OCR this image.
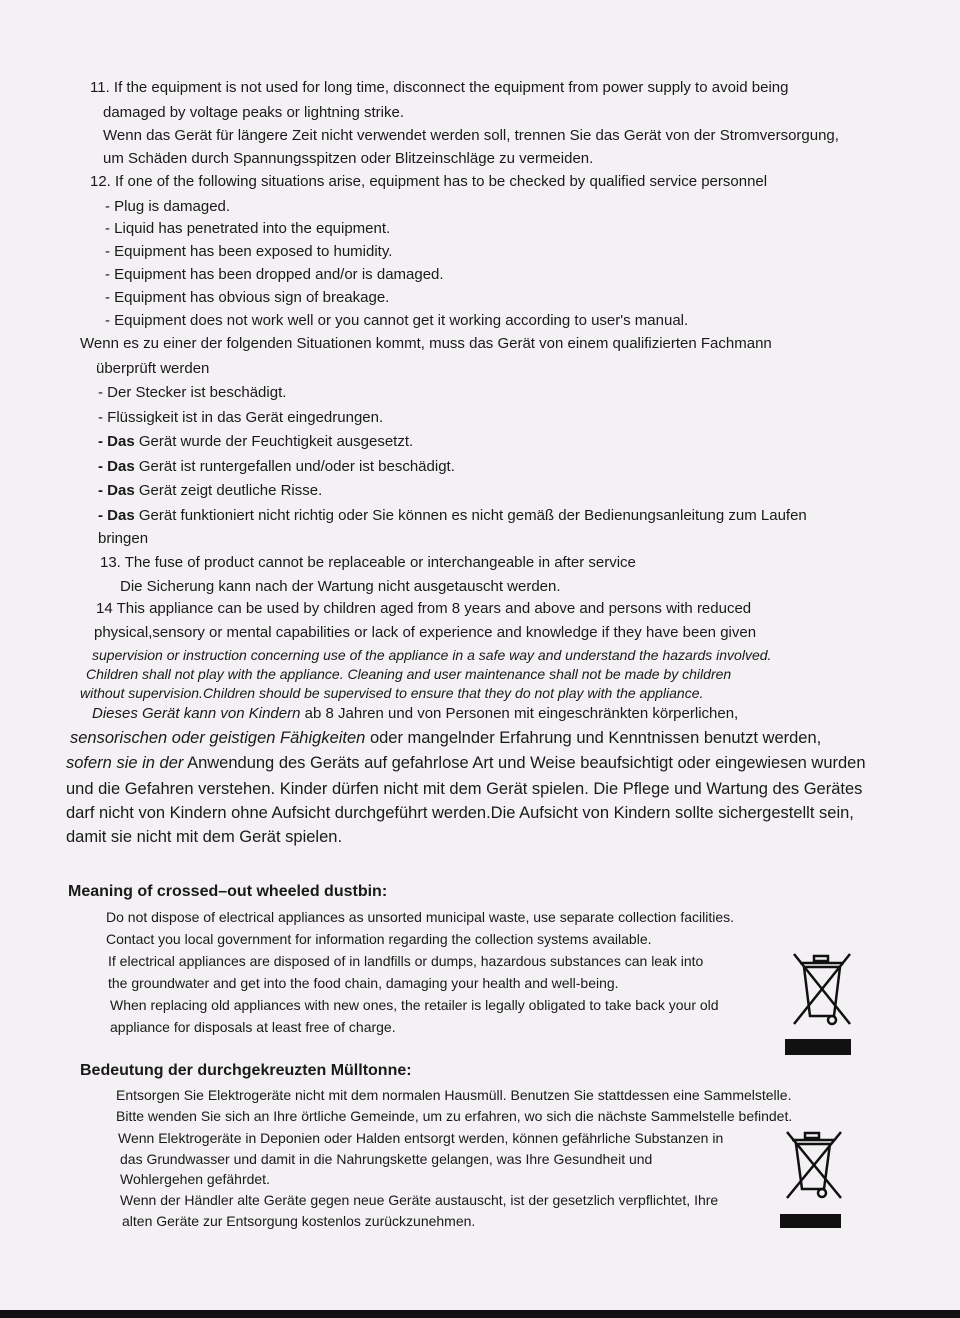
11. If the equipment is not used for long time, disconnect the equipment from power supply to avoid being
damaged by voltage peaks or lightning strike.
Wenn das Gerät für längere Zeit nicht verwendet werden soll, trennen Sie das Gerät von der Stromversorgung,
um Schäden durch Spannungsspitzen oder Blitzeinschläge zu vermeiden.
12. If one of the following situations arise, equipment has to be checked by qualified service personnel
- Plug is damaged.
- Liquid has penetrated into the equipment.
- Equipment has been exposed to humidity.
- Equipment has been dropped and/or is damaged.
- Equipment has obvious sign of breakage.
- Equipment does not work well or you cannot get it working according to user's manual.
Wenn es zu einer der folgenden Situationen kommt, muss das Gerät von einem qualifizierten Fachmann
überprüft werden
- Der Stecker ist beschädigt.
- Flüssigkeit ist in das Gerät eingedrungen.
- Das Gerät wurde der Feuchtigkeit ausgesetzt.
- Das Gerät ist runtergefallen und/oder ist beschädigt.
- Das Gerät zeigt deutliche Risse.
- Das Gerät funktioniert nicht richtig oder Sie können es nicht gemäß der Bedienungsanleitung zum Laufen
bringen
13. The fuse of product cannot be replaceable or interchangeable in after service
Die Sicherung kann nach der Wartung nicht ausgetauscht werden.
14 This appliance can be used by children aged from 8 years and above and persons with reduced
physical,sensory or mental capabilities or lack of experience and knowledge if they have been given
supervision or instruction concerning use of the appliance in a safe way and understand the hazards involved.
Children shall not play with the appliance. Cleaning and user maintenance shall not be made by children
without supervision.Children should be supervised to ensure that they do not play with the appliance.
Dieses Gerät kann von Kindern ab 8 Jahren und von Personen mit eingeschränkten körperlichen,
sensorischen oder geistigen Fähigkeiten oder mangelnder Erfahrung und Kenntnissen benutzt werden,
sofern sie in der Anwendung des Geräts auf gefahrlose Art und Weise beaufsichtigt oder eingewiesen wurden
und die Gefahren verstehen. Kinder dürfen nicht mit dem Gerät spielen. Die Pflege und Wartung des Gerätes
darf nicht von Kindern ohne Aufsicht durchgeführt werden.Die Aufsicht von Kindern sollte sichergestellt sein,
damit sie nicht mit dem Gerät spielen.
Meaning of crossed–out wheeled dustbin:
Do not dispose of electrical appliances as unsorted municipal waste, use separate collection facilities.
Contact you local government for information regarding the collection systems available.
If electrical appliances are disposed of in landfills or dumps, hazardous substances can leak into
the groundwater and get into the food chain, damaging your health and well-being.
When replacing old appliances with new ones, the retailer is legally obligated to take back your old
appliance for disposals at least free of charge.
Bedeutung der durchgekreuzten Mülltonne:
Entsorgen Sie Elektrogeräte nicht mit dem normalen Hausmüll. Benutzen Sie stattdessen eine Sammelstelle.
Bitte wenden Sie sich an Ihre örtliche Gemeinde, um zu erfahren, wo sich die nächste Sammelstelle befindet.
Wenn Elektrogeräte in Deponien oder Halden entsorgt werden, können gefährliche Substanzen in
das Grundwasser und damit in die Nahrungskette gelangen, was Ihre Gesundheit und
Wohlergehen gefährdet.
Wenn der Händler alte Geräte gegen neue Geräte austauscht, ist der gesetzlich verpflichtet, Ihre
alten Geräte zur Entsorgung kostenlos zurückzunehmen.
